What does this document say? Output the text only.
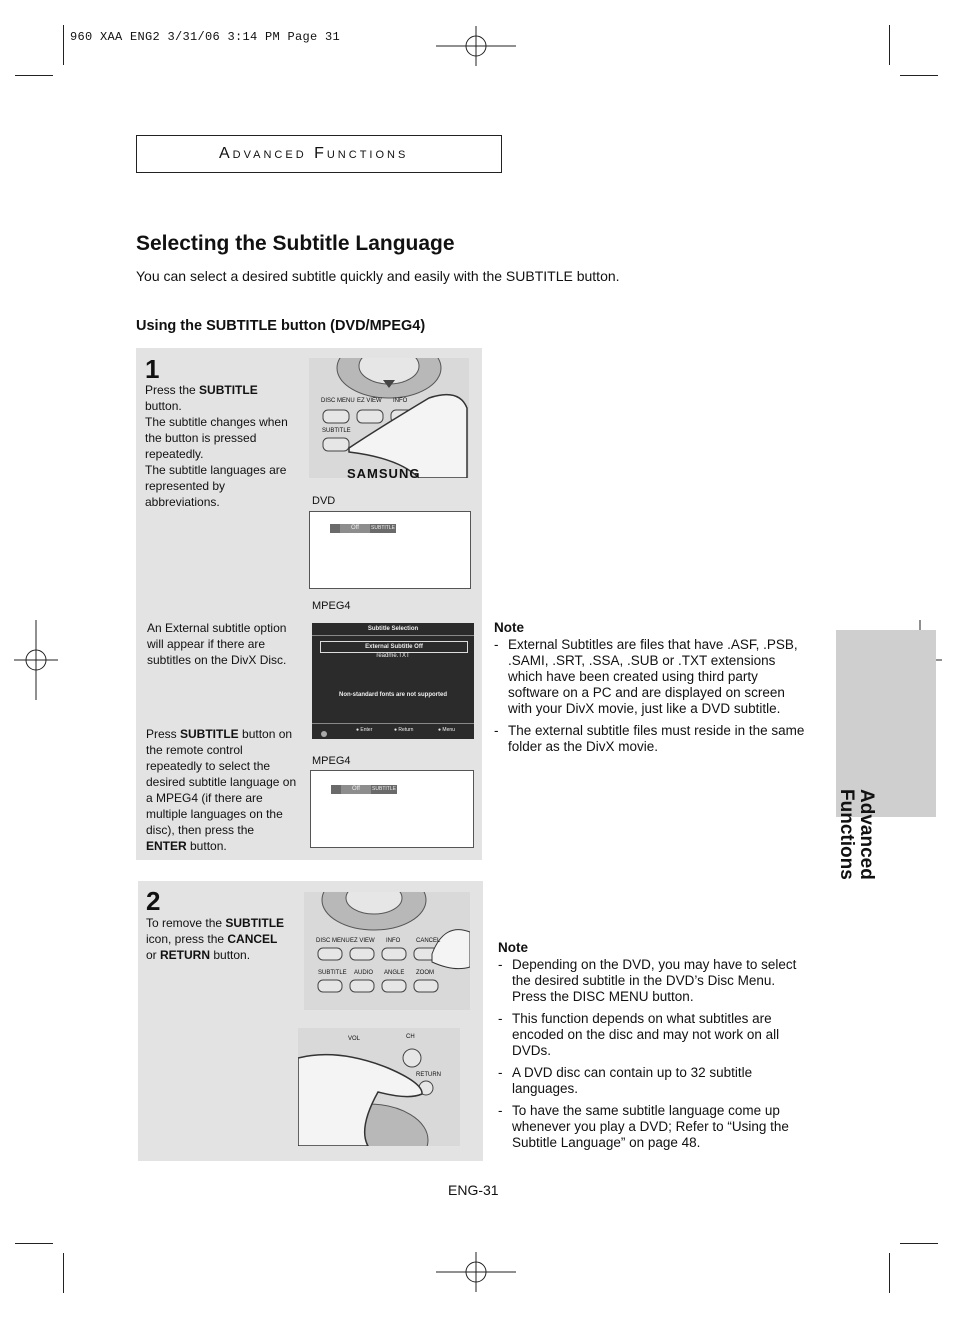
960 XAA ENG2 3/31/06 3:14 PM Page 31
Advanced Functions
Selecting the Subtitle Language
You can select a desired subtitle quickly and easily with the SUBTITLE button.
Using the SUBTITLE button (DVD/MPEG4)
1
Press the SUBTITLE button.
The subtitle changes when the button is pressed repeatedly.
The subtitle languages are represented by abbreviations.
DISC MENU EZ VIEW INFO
SUBTITLE
SAMSUNG
DVD
Off	SUBTITLE
MPEG4
Subtitle Selection
External Subtitle Off
readme.TXT
Non-standard fonts are not supported
● Enter	● Return	● Menu
An External subtitle option will appear if there are subtitles on the DivX Disc.
Press SUBTITLE button on the remote control repeatedly to select the desired subtitle language on a MPEG4 (if there are multiple languages on the disc), then press the ENTER button.
MPEG4
Off	SUBTITLE
Note
- External Subtitles are files that have .ASF, .PSB, .SAMI, .SRT, .SSA, .SUB or .TXT extensions which have been created using third party software on a PC and are displayed on screen with your DivX movie, just like a DVD subtitle.
- The external subtitle files must reside in the same folder as the DivX movie.
Advanced Functions
2
To remove the SUBTITLE icon, press the CANCEL or RETURN button.
DISC MENU EZ VIEW INFO	CANCEL
SUBTITLE AUDIO ANGLE ZOOM
VOL	CH
RETURN
Note
- Depending on the DVD, you may have to select the desired subtitle in the DVD’s Disc Menu. Press the DISC MENU button.
- This function depends on what subtitles are encoded on the disc and may not work on all DVDs.
- A DVD disc can contain up to 32 subtitle languages.
- To have the same subtitle language come up whenever you play a DVD; Refer to “Using the Subtitle Language” on page 48.
ENG-31
